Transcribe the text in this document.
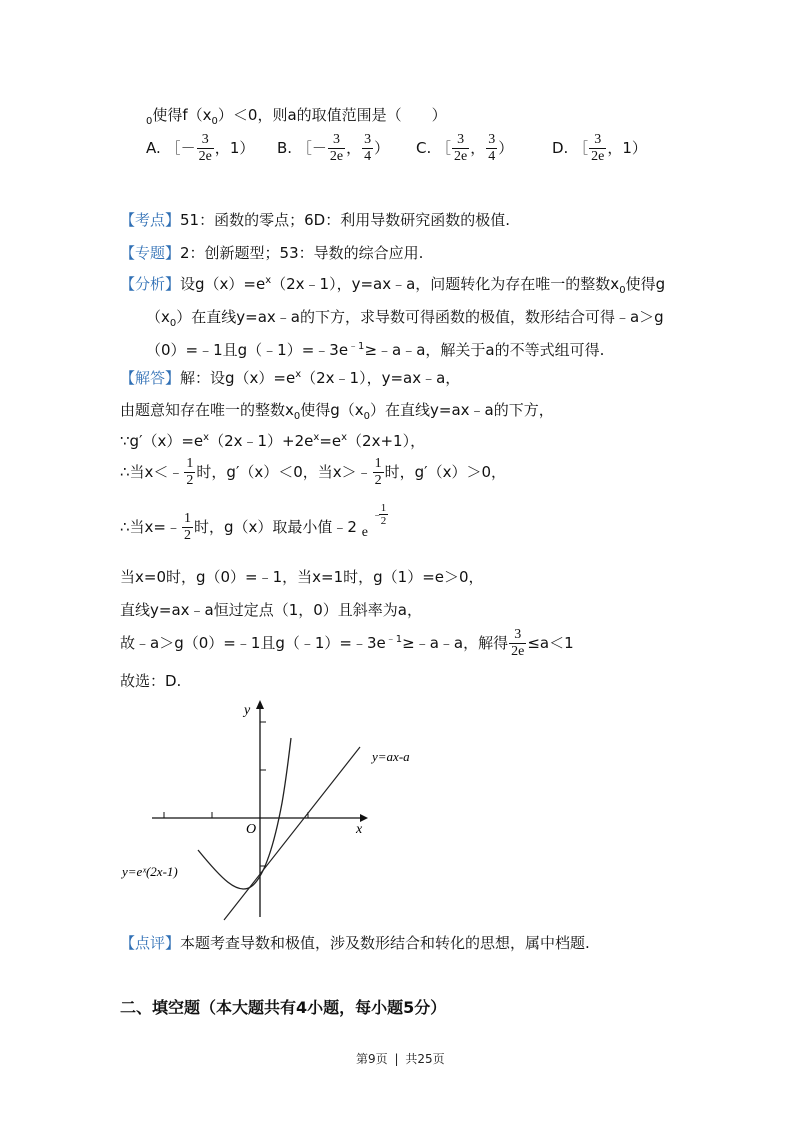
$_0$使得$f(x_0)<0$，则a的取值范围是（　　）
A. ［－ $\frac{3}{2e}$ ，1） B. ［－ $\frac{3}{2e}$ ， $\frac{3}{4}$ ） C. ［ $\frac{3}{2e}$ ， $\frac{3}{4}$ ）	D. ［ $\frac{3}{2e}$ ，1）
【考点】51：函数的零点；6D：利用导数研究函数的极值.
【专题】2：创新题型；53：导数的综合应用.
【分析】设$g(x)=e^x(2x﹣1)$，y=ax﹣a，问题转化为存在唯一的整数$x_0$使得g
$(x_0)$在直线y=ax﹣a的下方，求导数可得函数的极值，数形结合可得﹣a＞g
（0）=﹣1且$g(﹣1)=﹣3e^{﹣1}\ge﹣a﹣a$，解关于a的不等式组可得.
【解答】解：设$g(x)=e^x(2x﹣1)$，y=ax﹣a，
由题意知存在唯一的整数$x_0$使得$g(x_0)$在直线y=ax﹣a的下方，
$\because g'(x)=e^x(2x﹣1)+2e^x=e^x(2x+1)$，
∴当x＜﹣ $\frac{1}{2}$ 时，g′（x）＜0，当x＞﹣ $\frac{1}{2}$ 时，g′（x）＞0，
∴当x=﹣ $\frac{1}{2}$ 时，g（x）取最小值﹣2 e
﹣
$\frac{1}{2}$
当x=0时，g（0）=﹣1，当x=1时，g（1）=e＞0，
直线y=ax﹣a恒过定点（1，0）且斜率为a，
故﹣a＞g（0）=﹣1且$g(﹣1)=﹣3e^{﹣1}\ge﹣a﹣a$，解得 $\frac{3}{2e} \le a<1$
故选：D.
y
x
O
y=ax-a
y=eˣ(2x-1)
【点评】本题考查导数和极值，涉及数形结合和转化的思想，属中档题.
二、填空题（本大题共有4小题，每小题5分）
第9页 | 共25页
